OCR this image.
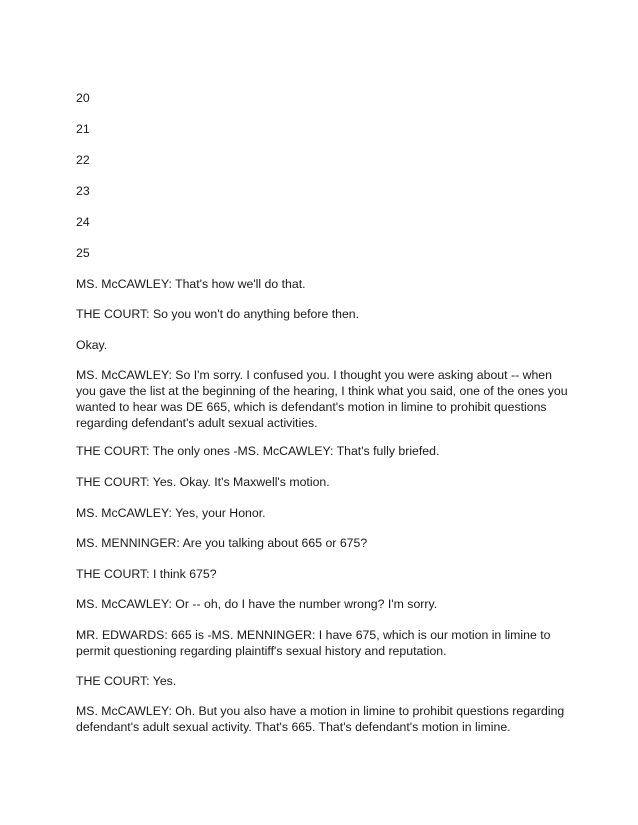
20
21
22
23
24
25

MS. McCAWLEY: That's how we'll do that.

THE COURT: So you won't do anything before then.

Okay.

MS. McCAWLEY: So I'm sorry. I confused you. I thought you were asking about -- when you gave the list at the beginning of the hearing, I think what you said, one of the ones you wanted to hear was DE 665, which is defendant's motion in limine to prohibit questions regarding defendant's adult sexual activities.

THE COURT: The only ones -MS. McCAWLEY: That's fully briefed.

THE COURT: Yes. Okay. It's Maxwell's motion.

MS. McCAWLEY: Yes, your Honor.

MS. MENNINGER: Are you talking about 665 or 675?

THE COURT: I think 675?

MS. McCAWLEY: Or -- oh, do I have the number wrong? I'm sorry.

MR. EDWARDS: 665 is -MS. MENNINGER: I have 675, which is our motion in limine to permit questioning regarding plaintiff's sexual history and reputation.

THE COURT: Yes.

MS. McCAWLEY: Oh. But you also have a motion in limine to prohibit questions regarding defendant's adult sexual activity. That's 665. That's defendant's motion in limine.
